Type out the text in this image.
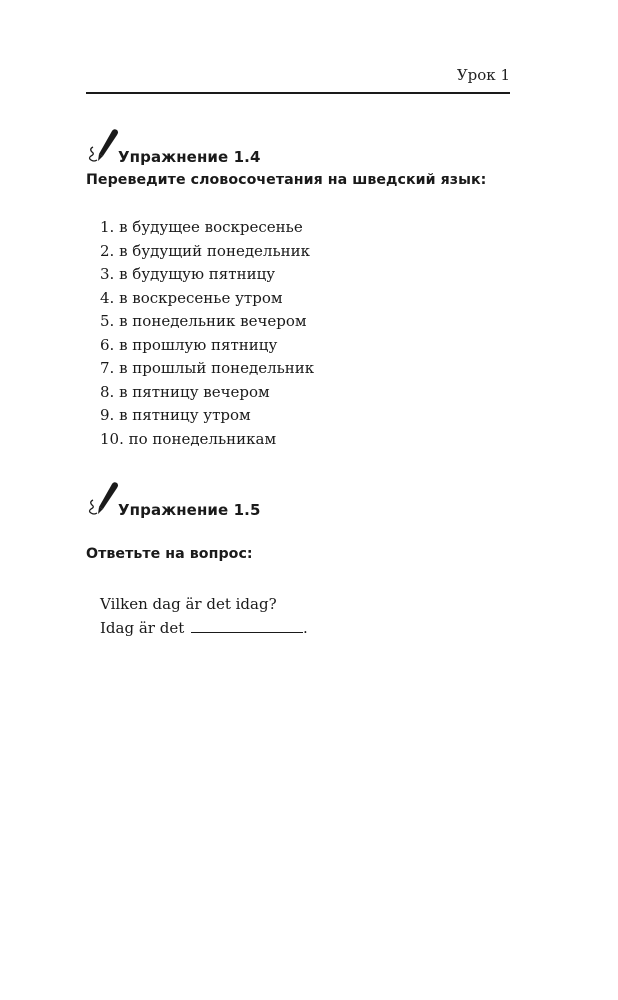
Урок 1
Упражнение 1.4
Переведите словосочетания на шведский язык:
1. в будущее воскресенье
2. в будущий понедельник
3. в будущую пятницу
4. в воскресенье утром
5. в понедельник вечером
6. в прошлую пятницу
7. в прошлый понедельник
8. в пятницу вечером
9. в пятницу утром
10. по понедельникам
Упражнение 1.5
Ответьте на вопрос:
Vilken dag är det idag?
Idag är det	.
